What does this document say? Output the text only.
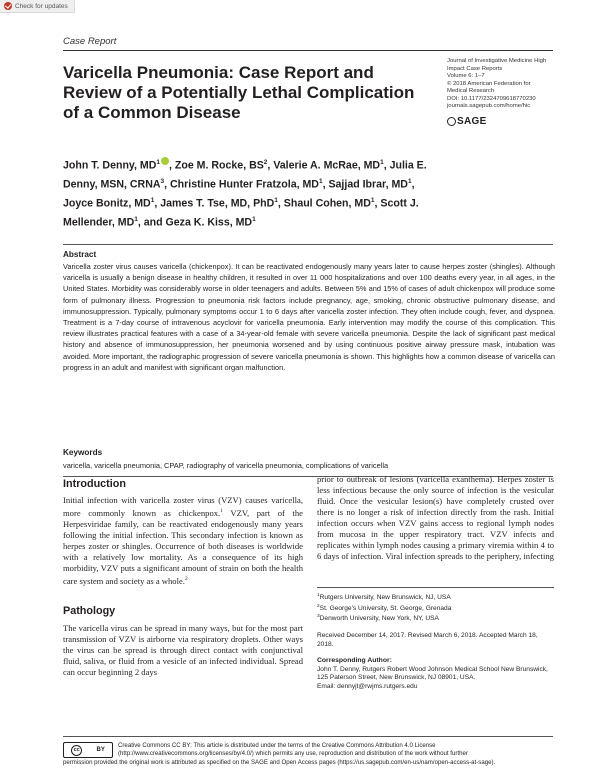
Check for updates
Case Report
Varicella Pneumonia: Case Report and Review of a Potentially Lethal Complication of a Common Disease
Journal of Investigative Medicine High
Impact Case Reports
Volume 6: 1–7
© 2018 American Federation for
Medical Research
DOI: 10.1177/2324709618770230
journals.sagepub.com/home/hic
SAGE
John T. Denny, $MD^1$ , Zoe M. Rocke, $BS^2$, Valerie A. McRae, $MD^1$, Julia E. Denny, MSN, CRNA$^3$, Christine Hunter Fratzola, $MD^1$, Sajjad Ibrar, $MD^1$, Joyce Bonitz, $MD^1$, James T. Tse, MD, PhD$^1$, Shaul Cohen, $MD^1$, Scott J. Mellender, $MD^1$, and Geza K. Kiss, $MD^1$
Abstract

Varicella zoster virus causes varicella (chickenpox). It can be reactivated endogenously many years later to cause herpes zoster (shingles). Although varicella is usually a benign disease in healthy children, it resulted in over 11 000 hospitalizations and over 100 deaths every year, in all ages, in the United States. Morbidity was considerably worse in older teenagers and adults. Between 5% and 15% of cases of adult chickenpox will produce some form of pulmonary illness. Progression to pneumonia risk factors include pregnancy, age, smoking, chronic obstructive pulmonary disease, and immunosuppression. Typically, pulmonary symptoms occur 1 to 6 days after varicella zoster infection. They often include cough, fever, and dyspnea. Treatment is a 7-day course of intravenous acyclovir for varicella pneumonia. Early intervention may modify the course of this complication. This review illustrates practical features with a case of a 34-year-old female with severe varicella pneumonia. Despite the lack of significant past medical history and absence of immunosuppression, her pneumonia worsened and by using continuous positive airway pressure mask, intubation was avoided. More important, the radiographic progression of severe varicella pneumonia is shown. This highlights how a common disease of varicella can progress in an adult and manifest with significant organ malfunction.

Keywords

varicella, varicella pneumonia, CPAP, radiography of varicella pneumonia, complications of varicella

Introduction

Initial infection with varicella zoster virus (VZV) causes varicella, more commonly known as chickenpox.$^1$ VZV, part of the Herpesviridae family, can be reactivated endogenously many years following the initial infection. This secondary infection is known as herpes zoster or shingles. Occurrence of both diseases is worldwide with a relatively low mortality. As a consequence of its high morbidity, VZV puts a significant amount of strain on both the health care system and society as a whole.$^2$

Pathology

The varicella virus can be spread in many ways, but for the most part transmission of VZV is airborne via respiratory droplets. Other ways the virus can be spread is through direct contact with conjunctival fluid, saliva, or fluid from a vesicle of an infected individual. Spread can occur beginning 2 days

prior to outbreak of lesions (varicella exanthema). Herpes zoster is less infectious because the only source of infection is the vesicular fluid. Once the vesicular lesion(s) have completely crusted over there is no longer a risk of infection directly from the rash. Initial infection occurs when VZV gains access to regional lymph nodes from mucosa in the upper respiratory tract. VZV infects and replicates within lymph nodes causing a primary viremia within 4 to 6 days of infection. Viral infection spreads to the periphery, infecting

$^1$Rutgers University, New Brunswick, NJ, USA
$^2$St. George’s University, St. George, Grenada
$^3$Denworth University, New York, NY, USA
Received December 14, 2017. Revised March 6, 2018. Accepted March 18, 2018.
Corresponding Author:
John T. Denny, Rutgers Robert Wood Johnson Medical School New Brunswick, 125 Paterson Street, New Brunswick, NJ 08901, USA.
Email: dennyjt@rwjms.rutgers.edu
cc	BY
Creative Commons CC BY: This article is distributed under the terms of the Creative Commons Attribution 4.0 License (http://www.creativecommons.org/licenses/by/4.0/) which permits any use, reproduction and distribution of the work without further
permission provided the original work is attributed as specified on the SAGE and Open Access pages (https://us.sagepub.com/en-us/nam/open-access-at-sage).
